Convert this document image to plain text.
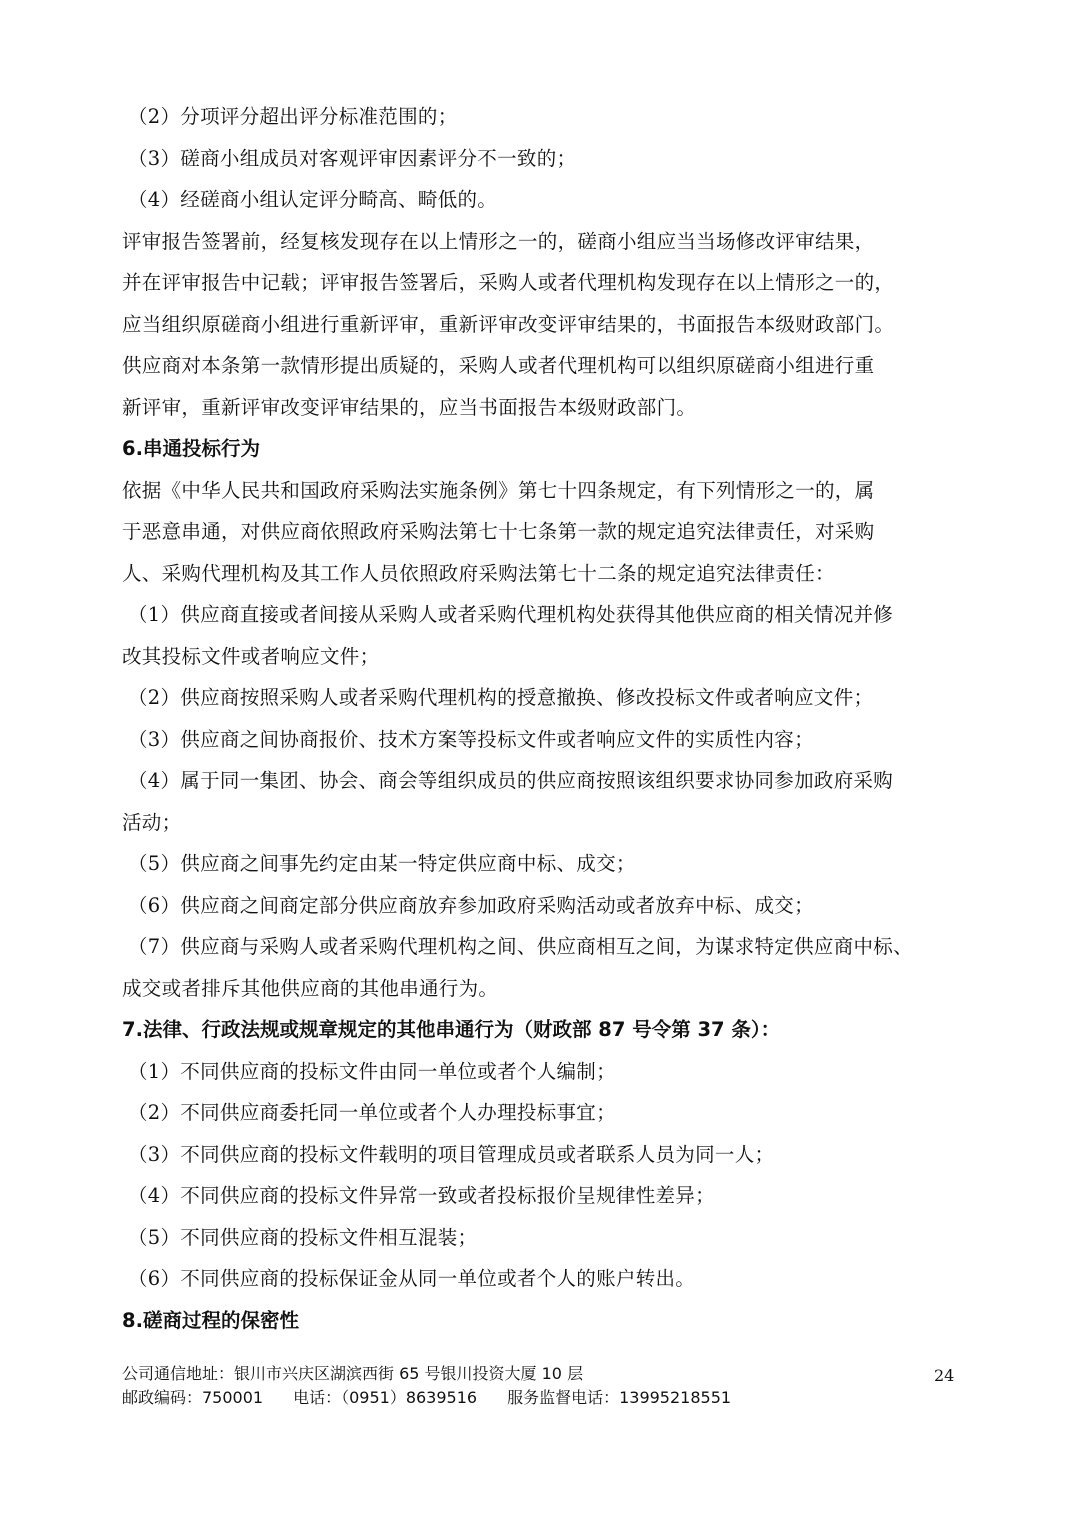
（2）分项评分超出评分标准范围的；
（3）磋商小组成员对客观评审因素评分不一致的；
（4）经磋商小组认定评分畸高、畸低的。
评审报告签署前，经复核发现存在以上情形之一的，磋商小组应当当场修改评审结果，
并在评审报告中记载；评审报告签署后，采购人或者代理机构发现存在以上情形之一的，
应当组织原磋商小组进行重新评审，重新评审改变评审结果的，书面报告本级财政部门。
供应商对本条第一款情形提出质疑的，采购人或者代理机构可以组织原磋商小组进行重
新评审，重新评审改变评审结果的，应当书面报告本级财政部门。
6.串通投标行为
依据《中华人民共和国政府采购法实施条例》第七十四条规定，有下列情形之一的，属
于恶意串通，对供应商依照政府采购法第七十七条第一款的规定追究法律责任，对采购
人、采购代理机构及其工作人员依照政府采购法第七十二条的规定追究法律责任：
（1）供应商直接或者间接从采购人或者采购代理机构处获得其他供应商的相关情况并修
改其投标文件或者响应文件；
（2）供应商按照采购人或者采购代理机构的授意撤换、修改投标文件或者响应文件；
（3）供应商之间协商报价、技术方案等投标文件或者响应文件的实质性内容；
（4）属于同一集团、协会、商会等组织成员的供应商按照该组织要求协同参加政府采购
活动；
（5）供应商之间事先约定由某一特定供应商中标、成交；
（6）供应商之间商定部分供应商放弃参加政府采购活动或者放弃中标、成交；
（7）供应商与采购人或者采购代理机构之间、供应商相互之间，为谋求特定供应商中标、
成交或者排斥其他供应商的其他串通行为。
7.法律、行政法规或规章规定的其他串通行为（财政部 87 号令第 37 条）：
（1）不同供应商的投标文件由同一单位或者个人编制；
（2）不同供应商委托同一单位或者个人办理投标事宜；
（3）不同供应商的投标文件载明的项目管理成员或者联系人员为同一人；
（4）不同供应商的投标文件异常一致或者投标报价呈规律性差异；
（5）不同供应商的投标文件相互混装；
（6）不同供应商的投标保证金从同一单位或者个人的账户转出。
8.磋商过程的保密性
公司通信地址：银川市兴庆区湖滨西街 65 号银川投资大厦 10 层
邮政编码：750001 电话：（0951）8639516 服务监督电话：13995218551
24
